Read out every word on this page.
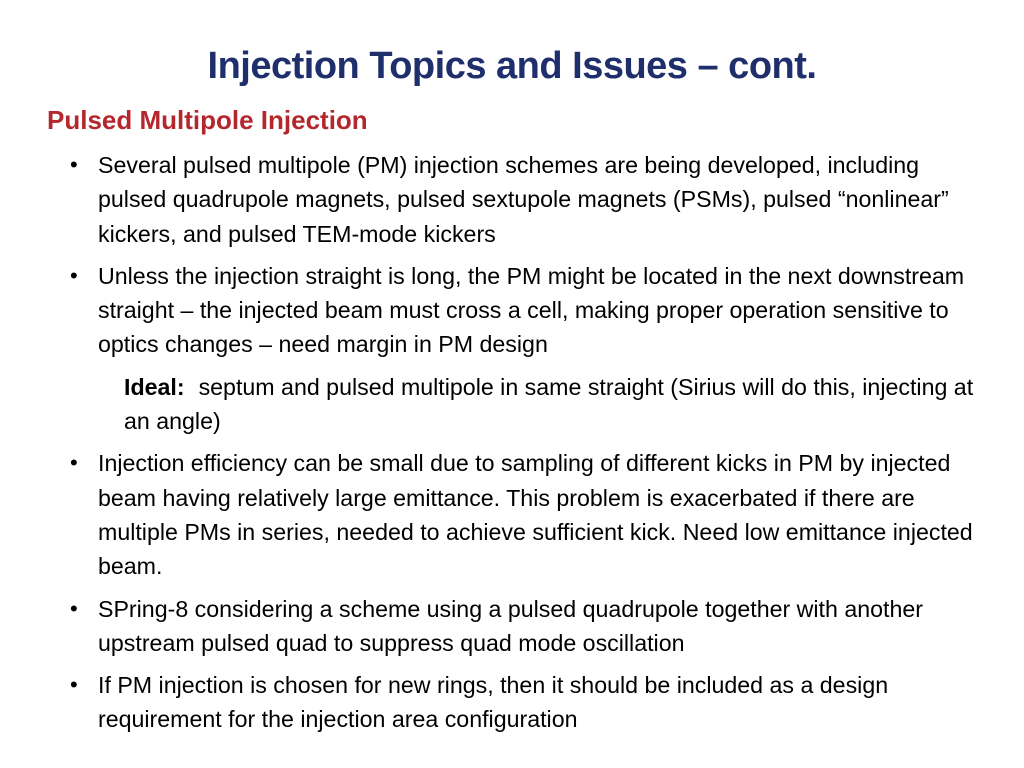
Injection Topics and Issues – cont.
Pulsed Multipole Injection
• Several pulsed multipole (PM) injection schemes are being developed, including pulsed quadrupole magnets, pulsed sextupole magnets (PSMs), pulsed “nonlinear” kickers, and pulsed TEM-mode kickers
• Unless the injection straight is long, the PM might be located in the next downstream straight – the injected beam must cross a cell, making proper operation sensitive to optics changes – need margin in PM design
Ideal: septum and pulsed multipole in same straight (Sirius will do this, injecting at an angle)
• Injection efficiency can be small due to sampling of different kicks in PM by injected beam having relatively large emittance. This problem is exacerbated if there are multiple PMs in series, needed to achieve sufficient kick. Need low emittance injected beam.
• SPring-8 considering a scheme using a pulsed quadrupole together with another upstream pulsed quad to suppress quad mode oscillation
• If PM injection is chosen for new rings, then it should be included as a design requirement for the injection area configuration
